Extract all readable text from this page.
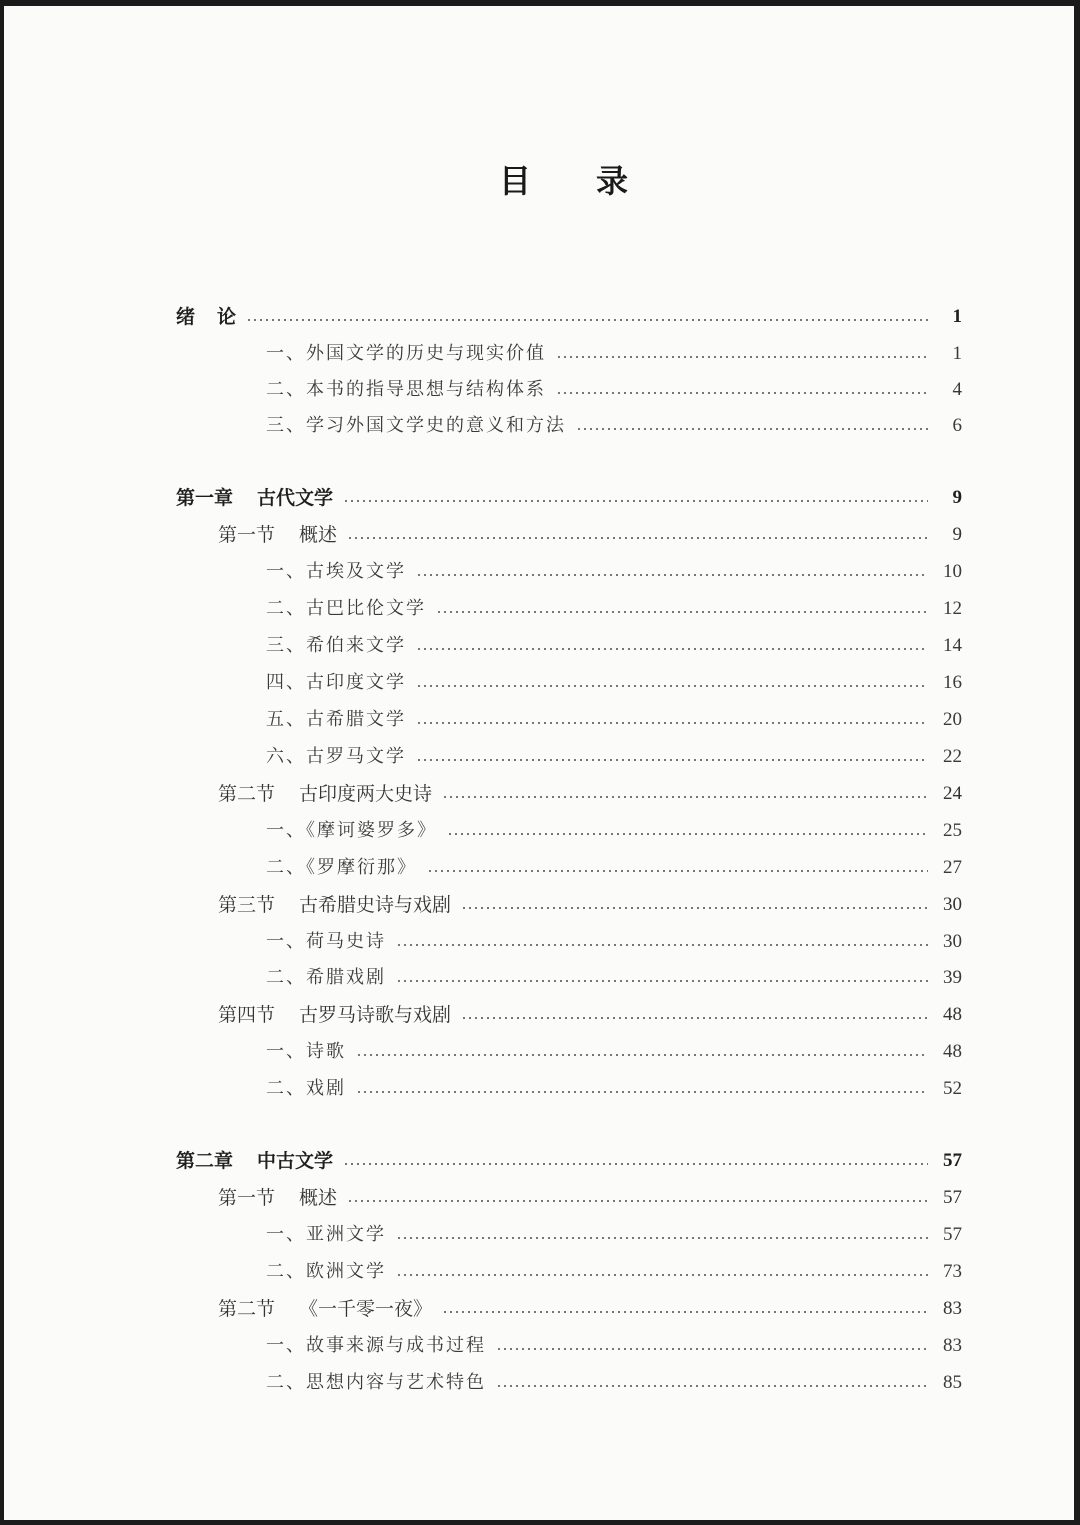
目 录
绪 论	1
一、外国文学的历史与现实价值	1
二、本书的指导思想与结构体系	4
三、学习外国文学史的意义和方法	6
第一章 古代文学	9
第一节 概述	9
一、古埃及文学	10
二、古巴比伦文学	12
三、希伯来文学	14
四、古印度文学	16
五、古希腊文学	20
六、古罗马文学	22
第二节 古印度两大史诗	24
一、《摩诃婆罗多》	25
二、《罗摩衍那》	27
第三节 古希腊史诗与戏剧	30
一、荷马史诗	30
二、希腊戏剧	39
第四节 古罗马诗歌与戏剧	48
一、诗歌	48
二、戏剧	52
第二章 中古文学	57
第一节 概述	57
一、亚洲文学	57
二、欧洲文学	73
第二节 《一千零一夜》	83
一、故事来源与成书过程	83
二、思想内容与艺术特色	85
